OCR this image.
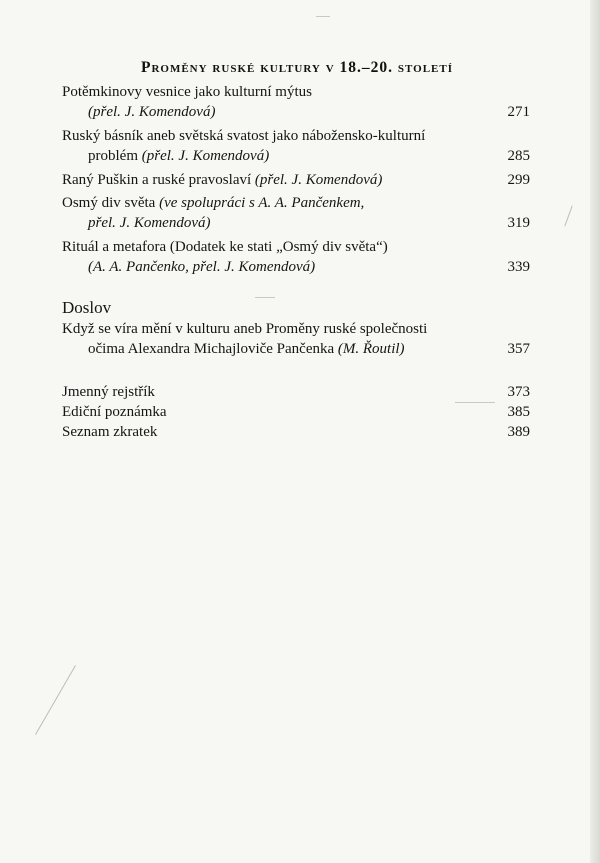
Proměny ruské kultury v 18.–20. století
Potěmkinovy vesnice jako kulturní mýtus
(přel. J. Komendová)	271
Ruský básník aneb světská svatost jako nábožensko-kulturní
problém (přel. J. Komendová)	285
Raný Puškin a ruské pravoslaví (přel. J. Komendová)	299
Osmý div světa (ve spolupráci s A. A. Pančenkem,
přel. J. Komendová)	319
Rituál a metafora (Dodatek ke stati „Osmý div světa“)
(A. A. Pančenko, přel. J. Komendová)	339
Doslov
Když se víra mění v kulturu aneb Proměny ruské společnosti
očima Alexandra Michajloviče Pančenka (M. Řoutil)	357
Jmenný rejstřík	373
Ediční poznámka	385
Seznam zkratek	389
